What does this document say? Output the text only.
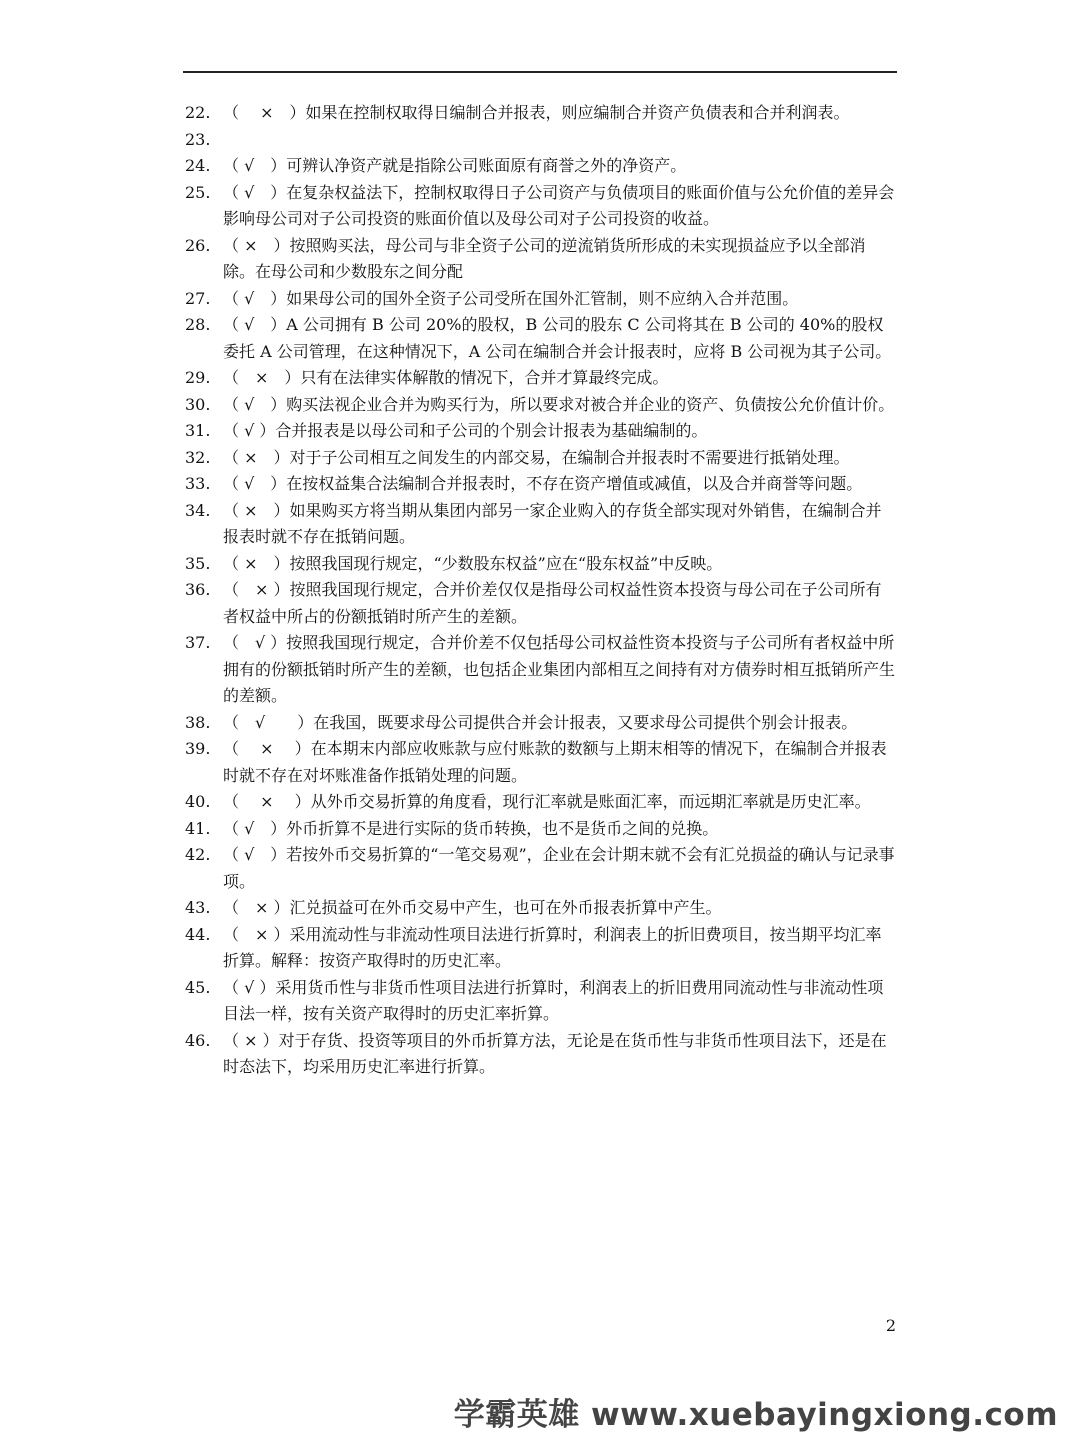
22. （　 ×　）如果在控制权取得日编制合并报表，则应编制合并资产负债表和合并利润表。
23.

24. （ √　）可辨认净资产就是指除公司账面原有商誉之外的净资产。
25. （ √　）在复杂权益法下，控制权取得日子公司资产与负债项目的账面价值与公允价值的差异会影响母公司对子公司投资的账面价值以及母公司对子公司投资的收益。
26. （ ×　）按照购买法，母公司与非全资子公司的逆流销货所形成的未实现损益应予以全部消除。在母公司和少数股东之间分配
27. （ √　）如果母公司的国外全资子公司受所在国外汇管制，则不应纳入合并范围。
28. （ √　）A 公司拥有 B 公司 20%的股权，B 公司的股东 C 公司将其在 B 公司的 40%的股权委托 A 公司管理，在这种情况下，A 公司在编制合并会计报表时，应将 B 公司视为其子公司。
29. （　×　）只有在法律实体解散的情况下，合并才算最终完成。
30. （ √　）购买法视企业合并为购买行为，所以要求对被合并企业的资产、负债按公允价值计价。
31. （ √ ）合并报表是以母公司和子公司的个别会计报表为基础编制的。
32. （ ×　）对于子公司相互之间发生的内部交易，在编制合并报表时不需要进行抵销处理。
33. （ √　）在按权益集合法编制合并报表时，不存在资产增值或减值，以及合并商誉等问题。
34. （ ×　）如果购买方将当期从集团内部另一家企业购入的存货全部实现对外销售，在编制合并报表时就不存在抵销问题。
35. （ ×　）按照我国现行规定，“少数股东权益”应在“股东权益”中反映。
36. （　× ）按照我国现行规定，合并价差仅仅是指母公司权益性资本投资与母公司在子公司所有者权益中所占的份额抵销时所产生的差额。
37. （　√ ）按照我国现行规定，合并价差不仅包括母公司权益性资本投资与子公司所有者权益中所拥有的份额抵销时所产生的差额，也包括企业集团内部相互之间持有对方债券时相互抵销所产生的差额。
38. （　√　　）在我国，既要求母公司提供合并会计报表，又要求母公司提供个别会计报表。
39. （　 ×　 ）在本期末内部应收账款与应付账款的数额与上期末相等的情况下，在编制合并报表时就不存在对坏账准备作抵销处理的问题。
40. （　 ×　 ）从外币交易折算的角度看，现行汇率就是账面汇率，而远期汇率就是历史汇率。
41. （ √　）外币折算不是进行实际的货币转换，也不是货币之间的兑换。
42. （ √　）若按外币交易折算的“一笔交易观”，企业在会计期末就不会有汇兑损益的确认与记录事项。
43. （　× ）汇兑损益可在外币交易中产生，也可在外币报表折算中产生。
44. （　× ）采用流动性与非流动性项目法进行折算时，利润表上的折旧费项目，按当期平均汇率折算。解释：按资产取得时的历史汇率。
45. （ √ ）采用货币性与非货币性项目法进行折算时，利润表上的折旧费用同流动性与非流动性项目法一样，按有关资产取得时的历史汇率折算。
46. （ × ）对于存货、投资等项目的外币折算方法，无论是在货币性与非货币性项目法下，还是在时态法下，均采用历史汇率进行折算。
2
学霸英雄 www.xuebayingxiong.com
